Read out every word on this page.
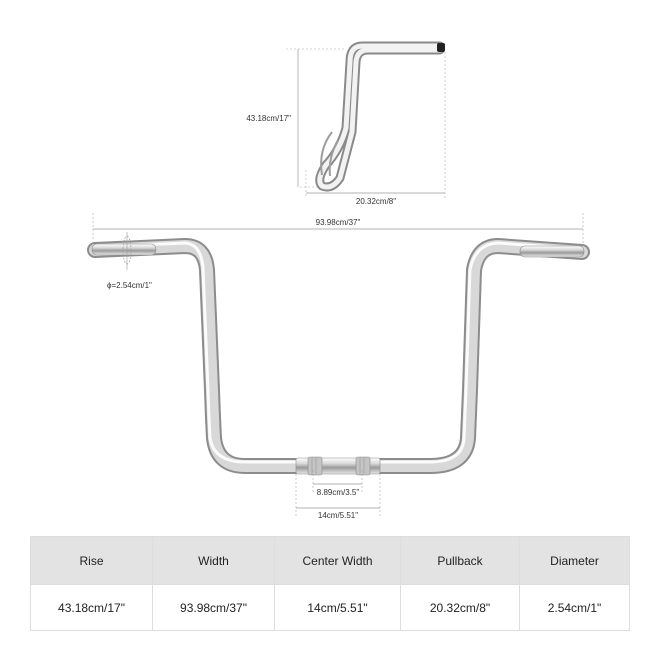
43.18cm/17"
20.32cm/8"
93.98cm/37"
ϕ=2.54cm/1"
8.89cm/3.5"
14cm/5.51"
Rise	Width	Center Width	Pullback	Diameter
43.18cm/17"	93.98cm/37"	14cm/5.51"	20.32cm/8"	2.54cm/1"
